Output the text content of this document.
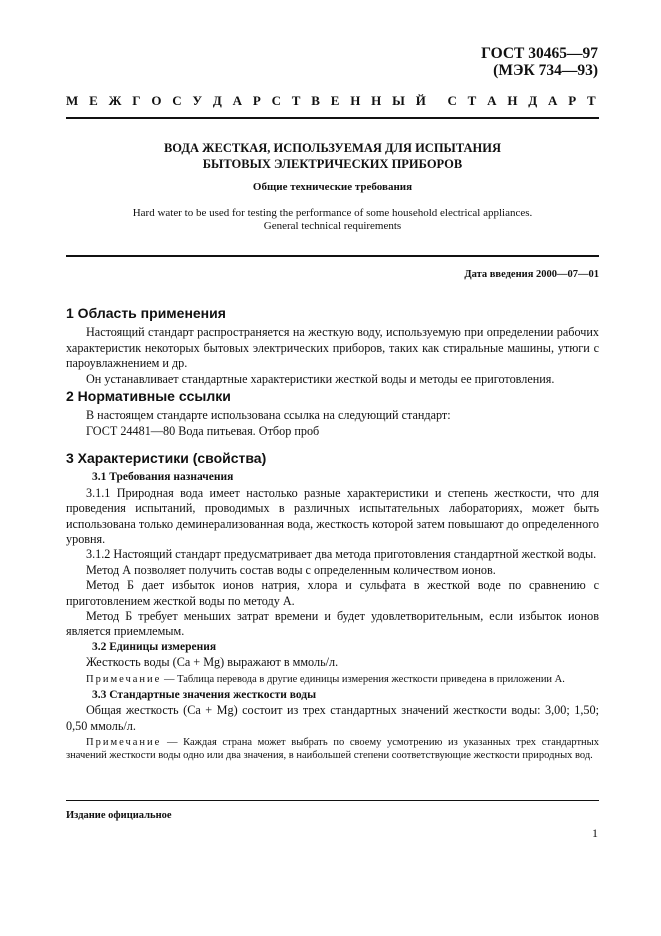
ГОСТ 30465—97
(МЭК 734—93)
М Е Ж Г О С У Д А Р С Т В Е Н Н Ы Й С Т А Н Д А Р Т
ВОДА ЖЕСТКАЯ, ИСПОЛЬЗУЕМАЯ ДЛЯ ИСПЫТАНИЯ
БЫТОВЫХ ЭЛЕКТРИЧЕСКИХ ПРИБОРОВ
Общие технические требования
Hard water to be used for testing the performance of some household electrical appliances.
General technical requirements
Дата введения 2000—07—01
1 Область применения

Настоящий стандарт распространяется на жесткую воду, используемую при определении рабочих характеристик некоторых бытовых электрических приборов, таких как стиральные машины, утюги с пароувлажнением и др.

Он устанавливает стандартные характеристики жесткой воды и методы ее приготовления.

2 Нормативные ссылки

В настоящем стандарте использована ссылка на следующий стандарт:

ГОСТ 24481—80 Вода питьевая. Отбор проб

3 Характеристики (свойства)

3.1 Требования назначения

3.1.1 Природная вода имеет настолько разные характеристики и степень жесткости, что для проведения испытаний, проводимых в различных испытательных лабораториях, может быть использована только деминерализованная вода, жесткость которой затем повышают до определенного уровня.

3.1.2 Настоящий стандарт предусматривает два метода приготовления стандартной жесткой воды.

Метод А позволяет получить состав воды с определенным количеством ионов.

Метод Б дает избыток ионов натрия, хлора и сульфата в жесткой воде по сравнению с приготовлением жесткой воды по методу А.

Метод Б требует меньших затрат времени и будет удовлетворительным, если избыток ионов является приемлемым.

3.2 Единицы измерения

Жесткость воды (Са + Mg) выражают в ммоль/л.

Примечание — Таблица перевода в другие единицы измерения жесткости приведена в приложении А.

3.3 Стандартные значения жесткости воды

Общая жесткость (Са + Mg) состоит из трех стандартных значений жесткости воды: 3,00; 1,50; 0,50 ммоль/л.

Примечание — Каждая страна может выбрать по своему усмотрению из указанных трех стандартных значений жесткости воды одно или два значения, в наибольшей степени соответствующие жесткости природных вод.

Издание официальное
1
